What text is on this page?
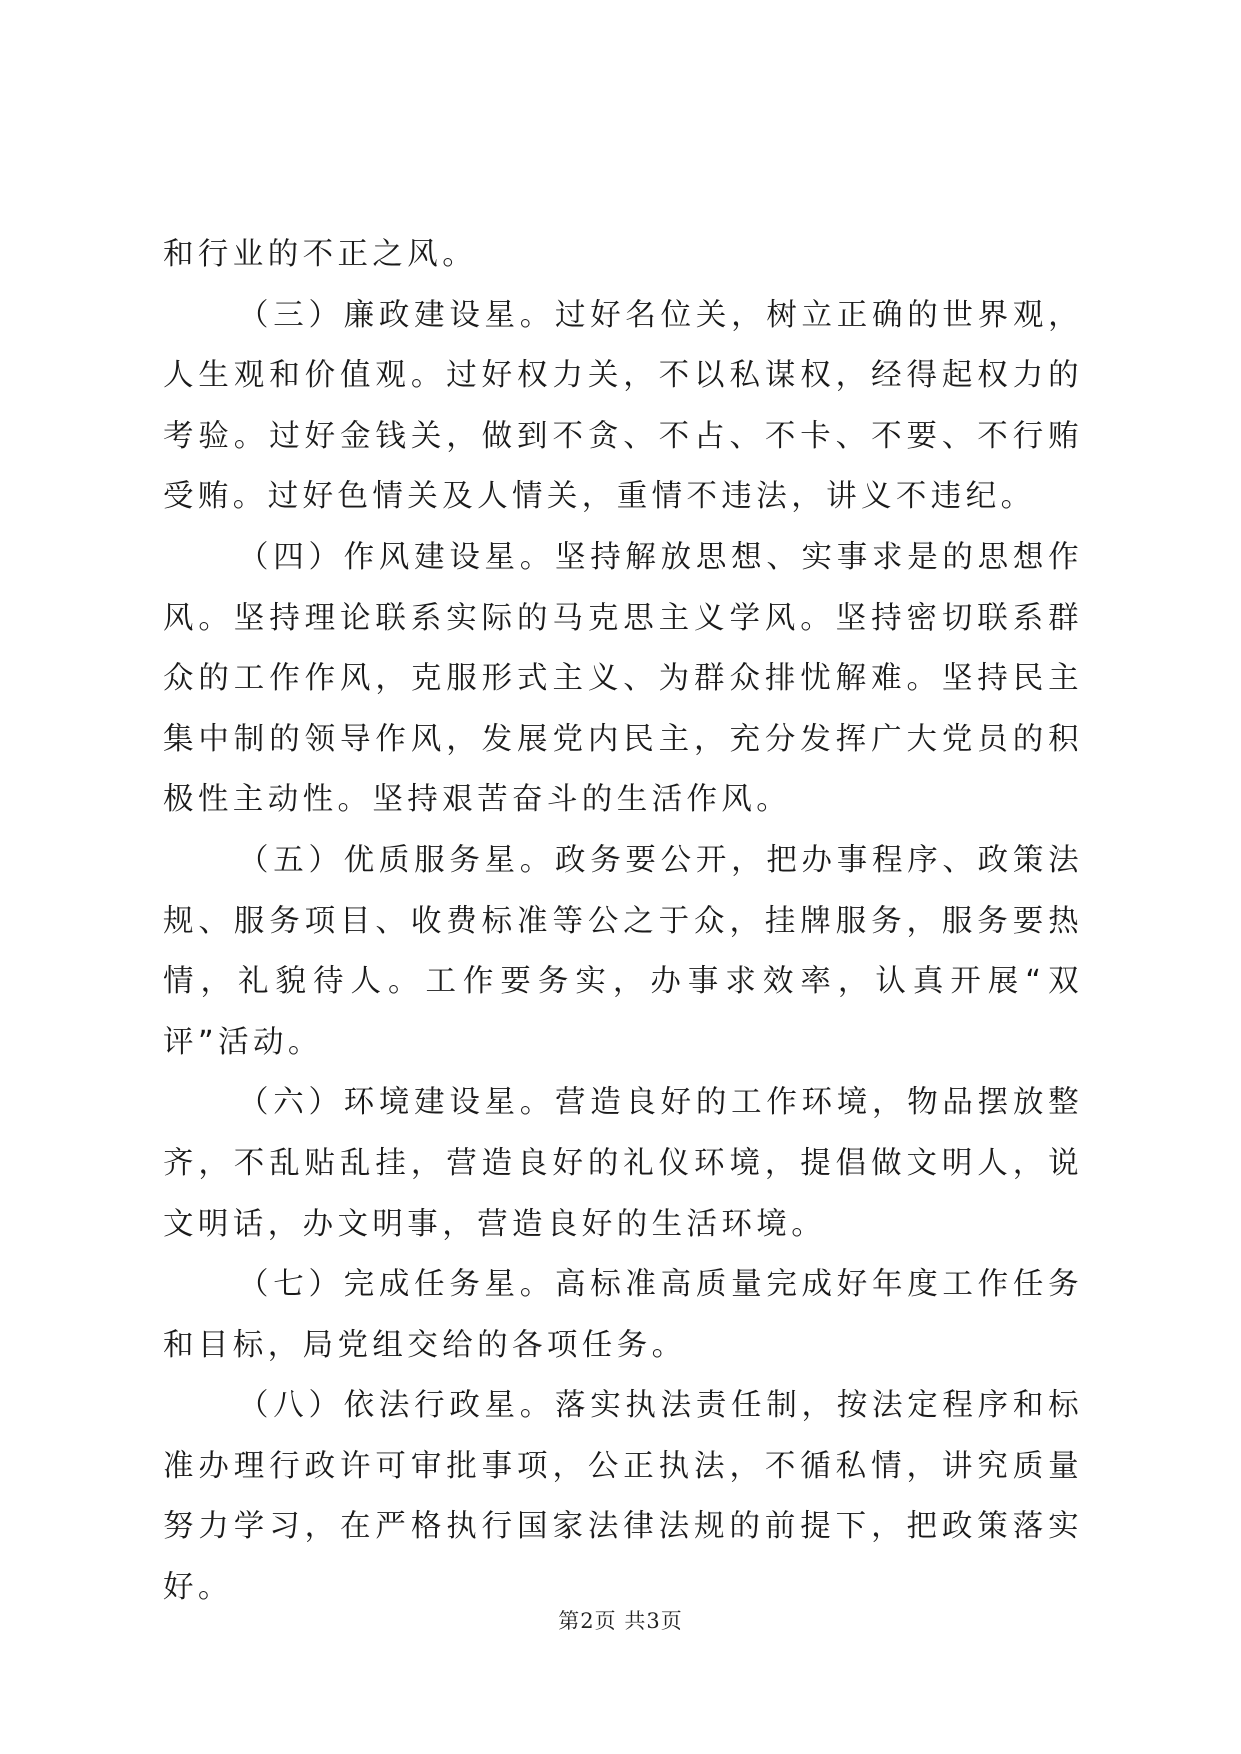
和行业的不正之风。

（三）廉政建设星。过好名位关，树立正确的世界观，人生观和价值观。过好权力关，不以私谋权，经得起权力的考验。过好金钱关，做到不贪、不占、不卡、不要、不行贿受贿。过好色情关及人情关，重情不违法，讲义不违纪。

（四）作风建设星。坚持解放思想、实事求是的思想作风。坚持理论联系实际的马克思主义学风。坚持密切联系群众的工作作风，克服形式主义、为群众排忧解难。坚持民主集中制的领导作风，发展党内民主，充分发挥广大党员的积极性主动性。坚持艰苦奋斗的生活作风。

（五）优质服务星。政务要公开，把办事程序、政策法规、服务项目、收费标准等公之于众，挂牌服务，服务要热情，礼貌待人。工作要务实，办事求效率，认真开展“双评”活动。

（六）环境建设星。营造良好的工作环境，物品摆放整齐，不乱贴乱挂，营造良好的礼仪环境，提倡做文明人，说文明话，办文明事，营造良好的生活环境。

（七）完成任务星。高标准高质量完成好年度工作任务和目标，局党组交给的各项任务。

（八）依法行政星。落实执法责任制，按法定程序和标准办理行政许可审批事项，公正执法，不循私情，讲究质量努力学习，在严格执行国家法律法规的前提下，把政策落实好。

第2页 共3页
